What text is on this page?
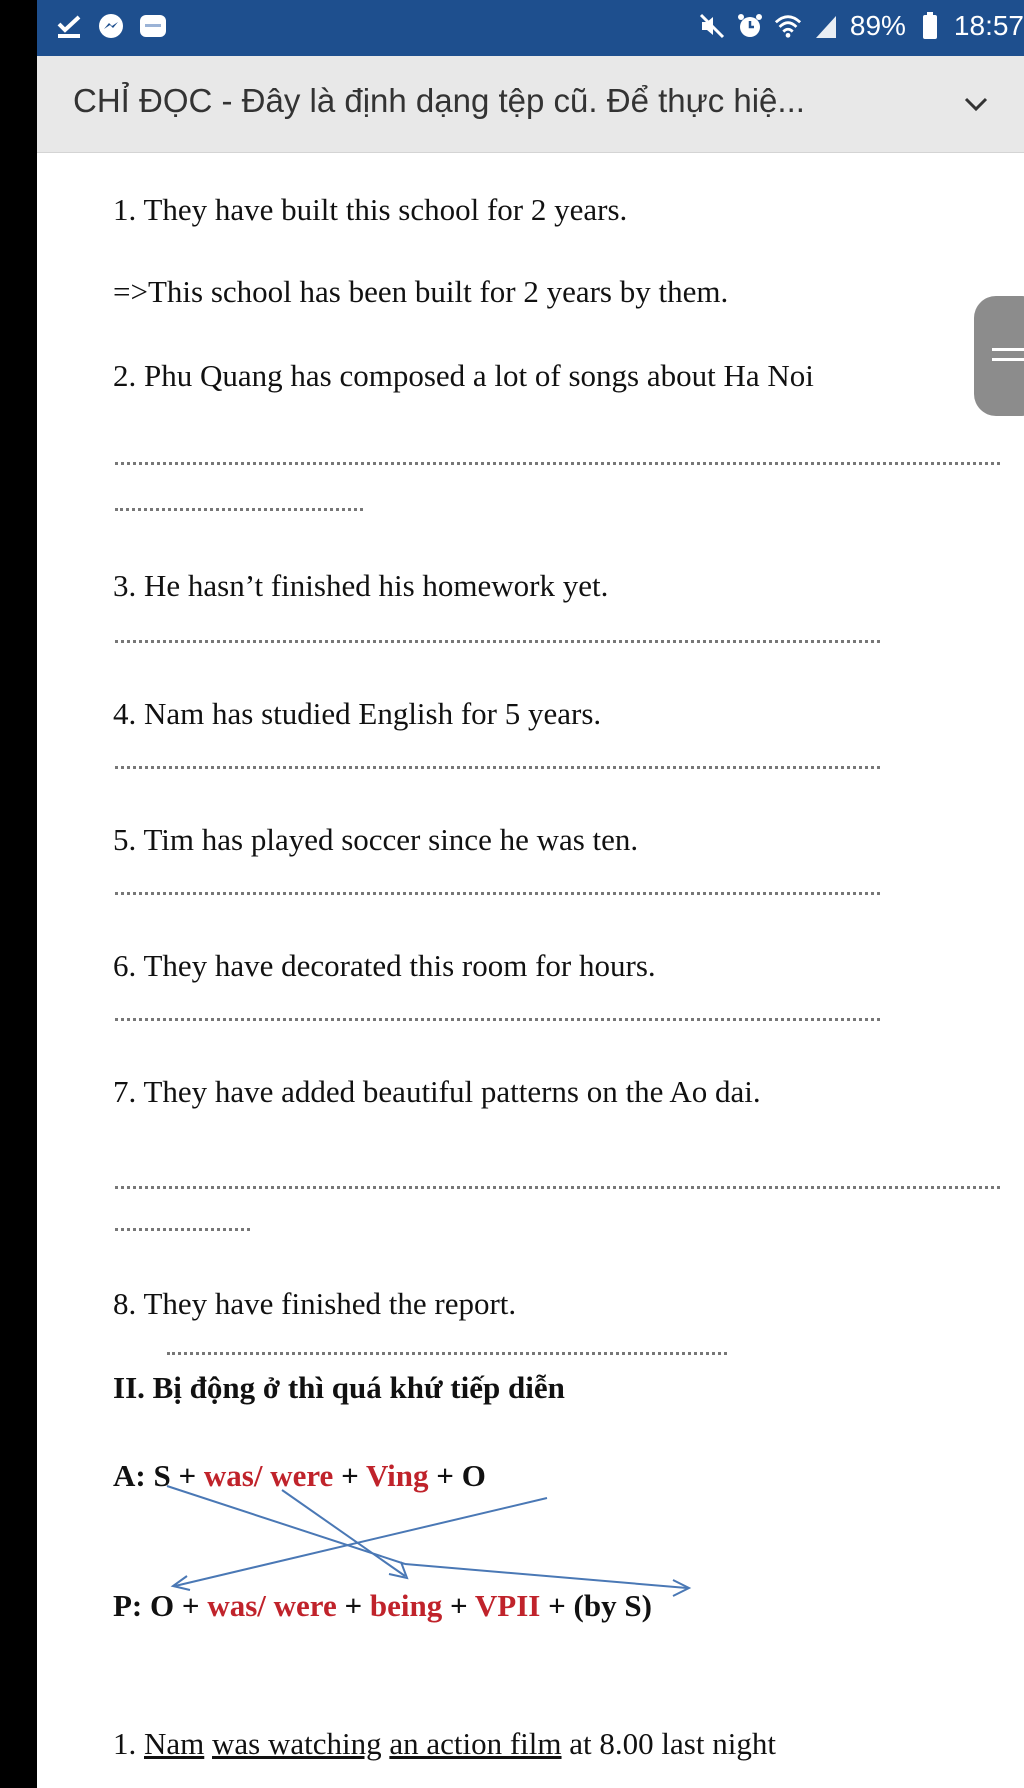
89% 18:57
CHỈ ĐỌC - Đây là định dạng tệp cũ. Để thực hiệ...
1. They have built this school for 2 years.
=>This school has been built for 2 years by them.
2. Phu Quang has composed a lot of songs about Ha Noi
3. He hasn’t finished his homework yet.
4. Nam has studied English for 5 years.
5. Tim has played soccer since he was ten.
6. They have decorated this room for hours.
7. They have added beautiful patterns on the Ao dai.
8. They have finished the report.
II. Bị động ở thì quá khứ tiếp diễn
A: S + was/ were + Ving + O
P: O + was/ were + being + VPII + (by S)
1. Nam was watching an action film at 8.00 last night
